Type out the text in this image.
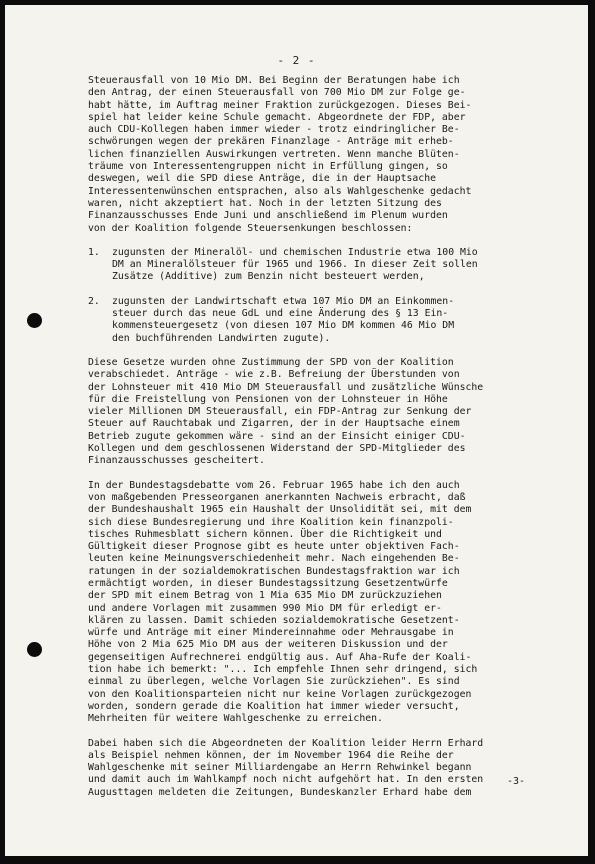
- 2 -
Steuerausfall von 10 Mio DM. Bei Beginn der Beratungen habe ich
den Antrag, der einen Steuerausfall von 700 Mio DM zur Folge ge-
habt hätte, im Auftrag meiner Fraktion zurückgezogen. Dieses Bei-
spiel hat leider keine Schule gemacht. Abgeordnete der FDP, aber
auch CDU-Kollegen haben immer wieder - trotz eindringlicher Be-
schwörungen wegen der prekären Finanzlage - Anträge mit erheb-
lichen finanziellen Auswirkungen vertreten. Wenn manche Blüten-
träume von Interessentengruppen nicht in Erfüllung gingen, so
deswegen, weil die SPD diese Anträge, die in der Hauptsache
Interessentenwünschen entsprachen, also als Wahlgeschenke gedacht
waren, nicht akzeptiert hat. Noch in der letzten Sitzung des
Finanzausschusses Ende Juni und anschließend im Plenum wurden
von der Koalition folgende Steuersenkungen beschlossen:
1.	zugunsten der Mineralöl- und chemischen Industrie etwa 100 Mio
DM an Mineralölsteuer für 1965 und 1966. In dieser Zeit sollen
Zusätze (Additive) zum Benzin nicht besteuert werden,
2.	zugunsten der Landwirtschaft etwa 107 Mio DM an Einkommen-
steuer durch das neue GdL und eine Änderung des § 13 Ein-
kommensteuergesetz (von diesen 107 Mio DM kommen 46 Mio DM
den buchführenden Landwirten zugute).
Diese Gesetze wurden ohne Zustimmung der SPD von der Koalition
verabschiedet. Anträge - wie z.B. Befreiung der Überstunden von
der Lohnsteuer mit 410 Mio DM Steuerausfall und zusätzliche Wünsche
für die Freistellung von Pensionen von der Lohnsteuer in Höhe
vieler Millionen DM Steuerausfall, ein FDP-Antrag zur Senkung der
Steuer auf Rauchtabak und Zigarren, der in der Hauptsache einem
Betrieb zugute gekommen wäre - sind an der Einsicht einiger CDU-
Kollegen und dem geschlossenen Widerstand der SPD-Mitglieder des
Finanzausschusses gescheitert.
In der Bundestagsdebatte vom 26. Februar 1965 habe ich den auch
von maßgebenden Presseorganen anerkannten Nachweis erbracht, daß
der Bundeshaushalt 1965 ein Haushalt der Unsolidität sei, mit dem
sich diese Bundesregierung und ihre Koalition kein finanzpoli-
tisches Ruhmesblatt sichern können. Über die Richtigkeit und
Gültigkeit dieser Prognose gibt es heute unter objektiven Fach-
leuten keine Meinungsverschiedenheit mehr. Nach eingehenden Be-
ratungen in der sozialdemokratischen Bundestagsfraktion war ich
ermächtigt worden, in dieser Bundestagssitzung Gesetzentwürfe
der SPD mit einem Betrag von 1 Mia 635 Mio DM zurückzuziehen
und andere Vorlagen mit zusammen 990 Mio DM für erledigt er-
klären zu lassen. Damit schieden sozialdemokratische Gesetzent-
würfe und Anträge mit einer Mindereinnahme oder Mehrausgabe in
Höhe von 2 Mia 625 Mio DM aus der weiteren Diskussion und der
gegenseitigen Aufrechnerei endgültig aus. Auf Aha-Rufe der Koali-
tion habe ich bemerkt: "... Ich empfehle Ihnen sehr dringend, sich
einmal zu überlegen, welche Vorlagen Sie zurückziehen". Es sind
von den Koalitionsparteien nicht nur keine Vorlagen zurückgezogen
worden, sondern gerade die Koalition hat immer wieder versucht,
Mehrheiten für weitere Wahlgeschenke zu erreichen.
Dabei haben sich die Abgeordneten der Koalition leider Herrn Erhard
als Beispiel nehmen können, der im November 1964 die Reihe der
Wahlgeschenke mit seiner Milliardengabe an Herrn Rehwinkel begann
und damit auch im Wahlkampf noch nicht aufgehört hat. In den ersten
Augusttagen meldeten die Zeitungen, Bundeskanzler Erhard habe dem
-3-
